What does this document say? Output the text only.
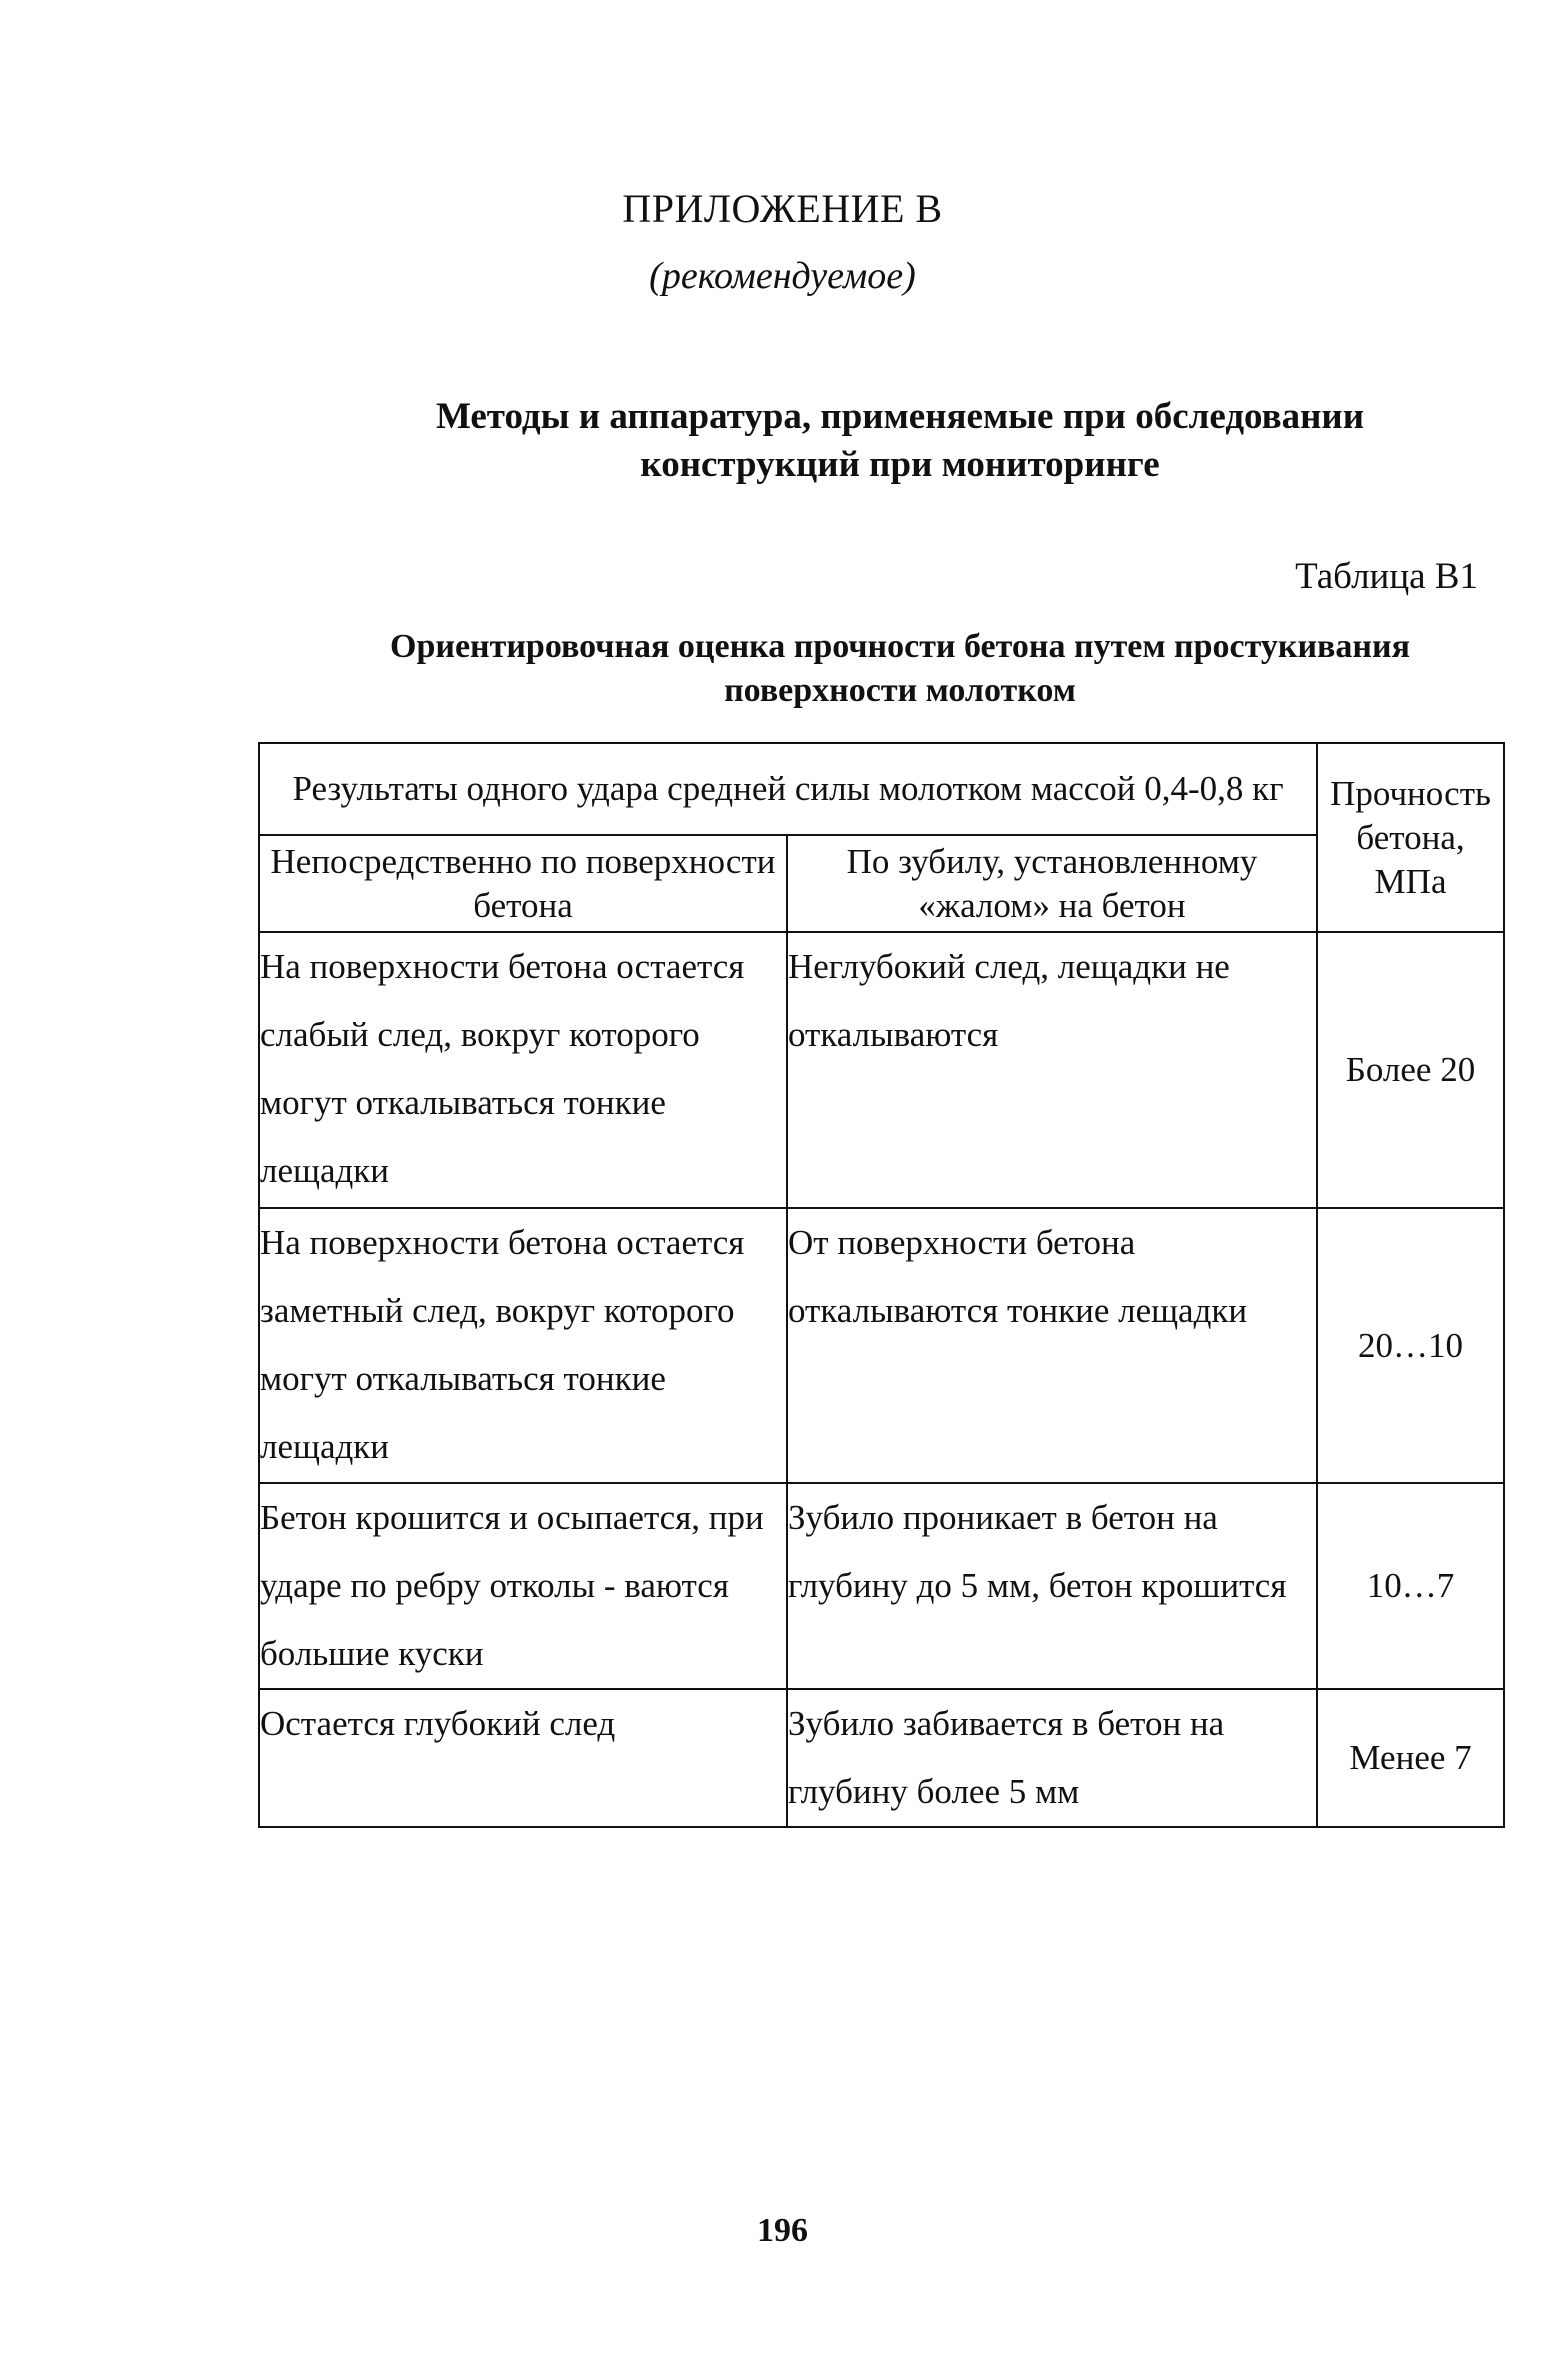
ПРИЛОЖЕНИЕ В
(рекомендуемое)
Методы и аппаратура, применяемые при обследовании конструкций при мониторинге
Таблица В1
Ориентировочная оценка прочности бетона путем простукивания поверхности молотком
Результаты одного удара средней силы молотком массой 0,4-0,8 кг		Прочность бетона, МПа
Непосредственно по поверхности бетона	По зубилу, установленному «жалом» на бетон	
На поверхности бетона остается слабый след, вокруг которого могут откалываться тонкие лещадки	Неглубокий след, лещадки не откалываются	Более 20
На поверхности бетона остается заметный след, вокруг которого могут откалываться тонкие лещадки	От поверхности бетона откалываются тонкие лещадки	20…10
Бетон крошится и осыпается, при ударе по ребру отколы - ваются большие куски	Зубило проникает в бетон на глубину до 5 мм, бетон крошится	10…7
Остается глубокий след	Зубило забивается в бетон на глубину более 5 мм	Менее 7
196
